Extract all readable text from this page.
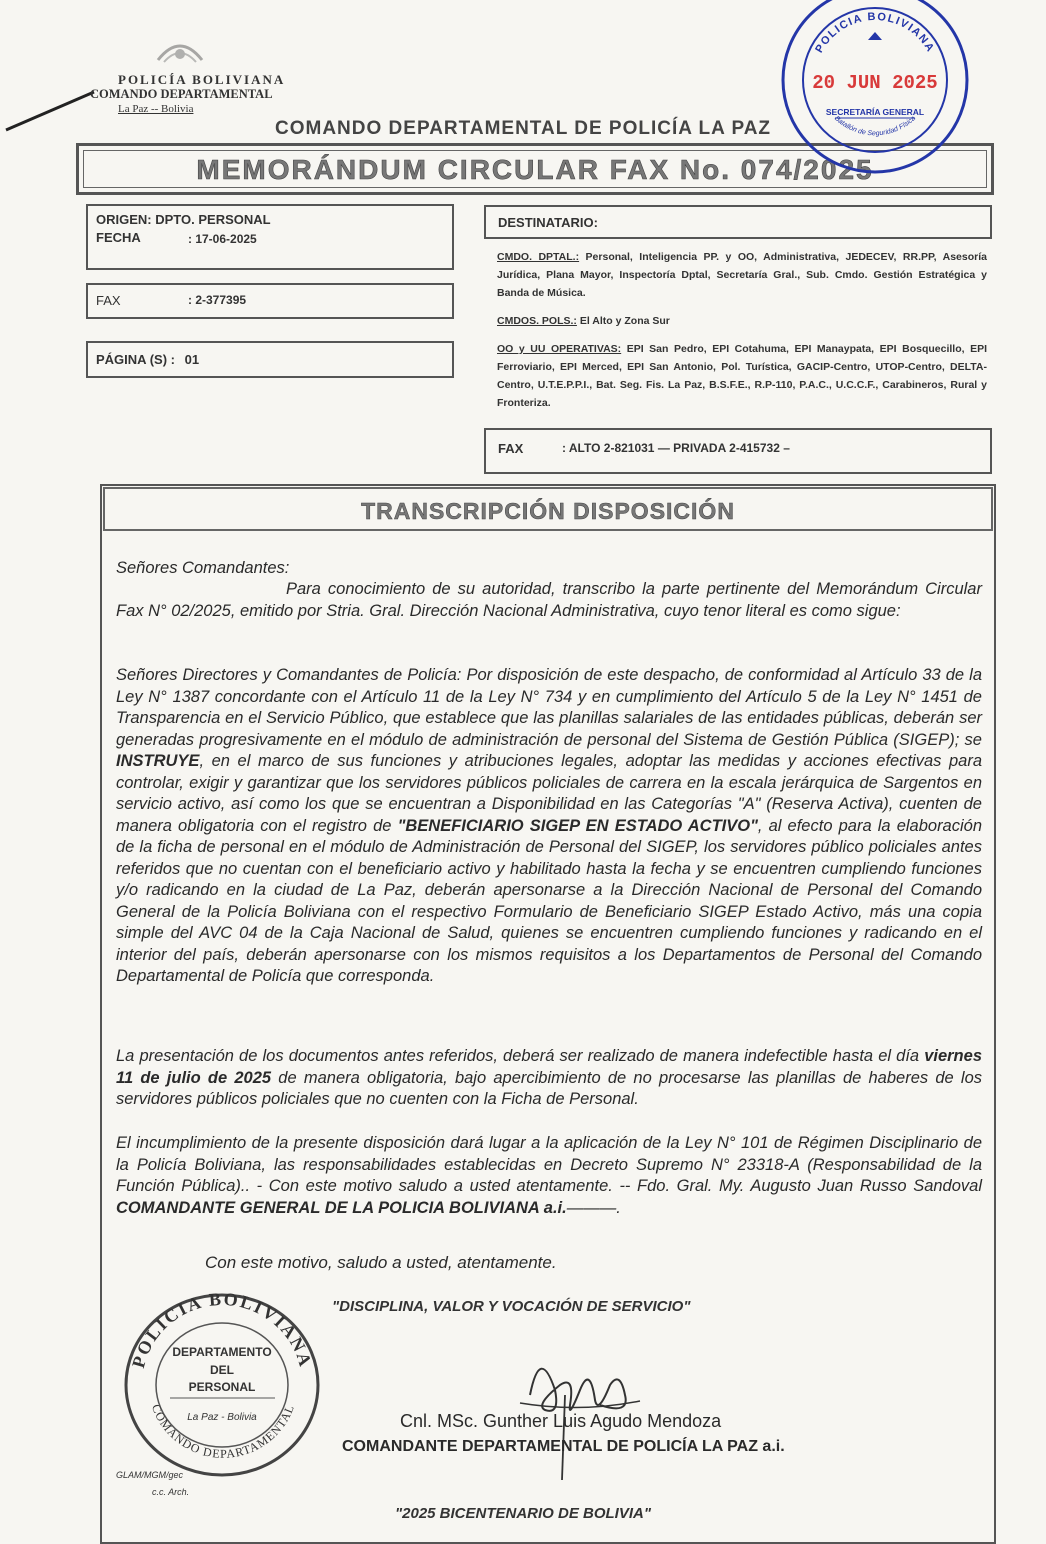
POLICÍA BOLIVIANA
COMANDO DEPARTAMENTAL
La Paz -- Bolivia
COMANDO DEPARTAMENTAL DE POLICÍA LA PAZ
MEMORÁNDUM CIRCULAR FAX No. 074/2025
ORIGEN: DPTO. PERSONAL
FECHA	: 17-06-2025
FAX	: 2-377395
PÁGINA (S) : 01
DESTINATARIO:
CMDO. DPTAL.: Personal, Inteligencia PP. y OO, Administrativa, JEDECEV, RR.PP, Asesoría Jurídica, Plana Mayor, Inspectoría Dptal, Secretaría Gral., Sub. Cmdo. Gestión Estratégica y Banda de Música.
CMDOS. POLS.: El Alto y Zona Sur
OO y UU OPERATIVAS: EPI San Pedro, EPI Cotahuma, EPI Manaypata, EPI Bosquecillo, EPI Ferroviario, EPI Merced, EPI San Antonio, Pol. Turística, GACIP-Centro, UTOP-Centro, DELTA-Centro, U.T.E.P.P.I., Bat. Seg. Fis. La Paz, B.S.F.E., R.P-110, P.A.C., U.C.C.F., Carabineros, Rural y Fronteriza.
FAX	: ALTO 2-821031 — PRIVADA 2-415732 –
TRANSCRIPCIÓN DISPOSICIÓN
Señores Comandantes:
Para conocimiento de su autoridad, transcribo la parte pertinente del Memorándum Circular Fax N° 02/2025, emitido por Stria. Gral. Dirección Nacional Administrativa, cuyo tenor literal es como sigue:
Señores Directores y Comandantes de Policía: Por disposición de este despacho, de conformidad al Artículo 33 de la Ley N° 1387 concordante con el Artículo 11 de la Ley N° 734 y en cumplimiento del Artículo 5 de la Ley N° 1451 de Transparencia en el Servicio Público, que establece que las planillas salariales de las entidades públicas, deberán ser generadas progresivamente en el módulo de administración de personal del Sistema de Gestión Pública (SIGEP); se INSTRUYE, en el marco de sus funciones y atribuciones legales, adoptar las medidas y acciones efectivas para controlar, exigir y garantizar que los servidores públicos policiales de carrera en la escala jerárquica de Sargentos en servicio activo, así como los que se encuentran a Disponibilidad en las Categorías "A" (Reserva Activa), cuenten de manera obligatoria con el registro de "BENEFICIARIO SIGEP EN ESTADO ACTIVO", al efecto para la elaboración de la ficha de personal en el módulo de Administración de Personal del SIGEP, los servidores público policiales antes referidos que no cuentan con el beneficiario activo y habilitado hasta la fecha y se encuentren cumpliendo funciones y/o radicando en la ciudad de La Paz, deberán apersonarse a la Dirección Nacional de Personal del Comando General de la Policía Boliviana con el respectivo Formulario de Beneficiario SIGEP Estado Activo, más una copia simple del AVC 04 de la Caja Nacional de Salud, quienes se encuentren cumpliendo funciones y radicando en el interior del país, deberán apersonarse con los mismos requisitos a los Departamentos de Personal del Comando Departamental de Policía que corresponda.
La presentación de los documentos antes referidos, deberá ser realizado de manera indefectible hasta el día viernes 11 de julio de 2025 de manera obligatoria, bajo apercibimiento de no procesarse las planillas de haberes de los servidores públicos policiales que no cuenten con la Ficha de Personal.
El incumplimiento de la presente disposición dará lugar a la aplicación de la Ley N° 101 de Régimen Disciplinario de la Policía Boliviana, las responsabilidades establecidas en Decreto Supremo N° 23318-A (Responsabilidad de la Función Pública).. - Con este motivo saludo a usted atentamente. -- Fdo. Gral. My. Augusto Juan Russo Sandoval COMANDANTE GENERAL DE LA POLICIA BOLIVIANA a.i.———.
Con este motivo, saludo a usted, atentamente.
"DISCIPLINA, VALOR Y VOCACIÓN DE SERVICIO"
POLICIA BOLIVIANA
COMANDO DEPARTAMENTAL
DEPARTAMENTO
DEL
PERSONAL
La Paz - Bolivia	Cnl. MSc. Gunther Luis Agudo Mendoza
COMANDANTE DEPARTAMENTAL DE POLICÍA LA PAZ a.i.
GLAM/MGM/gec
c.c. Arch.
"2025 BICENTENARIO DE BOLIVIA"
POLICIA BOLIVIANA
20 JUN 2025
SECRETARÍA GENERAL
Batallón de Seguridad Física
